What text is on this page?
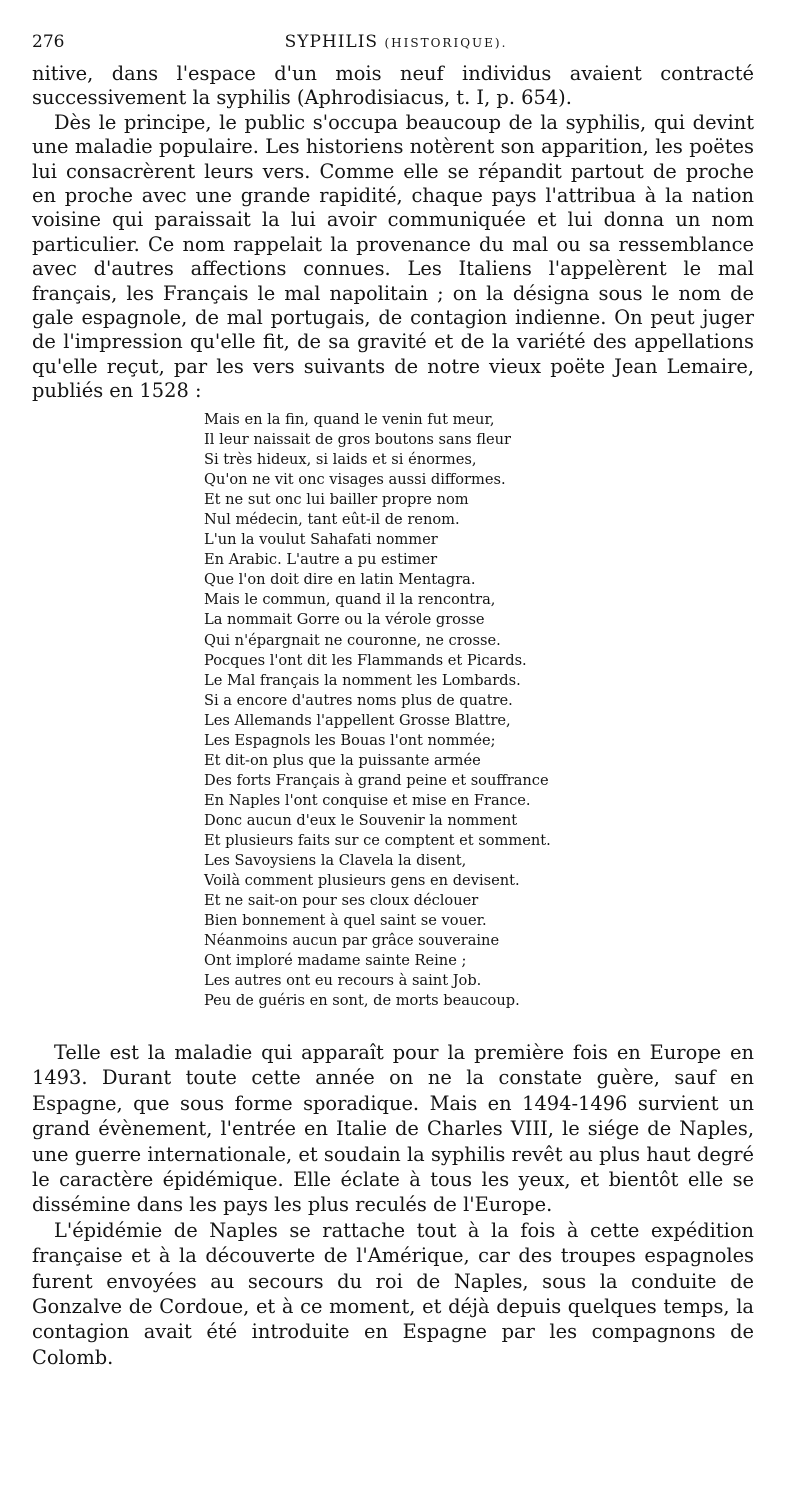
276	SYPHILIS (HISTORIQUE).

nitive, dans l'espace d'un mois neuf individus avaient contracté successivement la syphilis (Aphrodisiacus, t. I, p. 654).

Dès le principe, le public s'occupa beaucoup de la syphilis, qui devint une maladie populaire. Les historiens notèrent son apparition, les poëtes lui consacrèrent leurs vers. Comme elle se répandit partout de proche en proche avec une grande rapidité, chaque pays l'attribua à la nation voisine qui paraissait la lui avoir communiquée et lui donna un nom particulier. Ce nom rappelait la provenance du mal ou sa ressemblance avec d'autres affections connues. Les Italiens l'appelèrent le mal français, les Français le mal napolitain ; on la désigna sous le nom de gale espagnole, de mal portugais, de contagion indienne. On peut juger de l'impression qu'elle fit, de sa gravité et de la variété des appellations qu'elle reçut, par les vers suivants de notre vieux poëte Jean Lemaire, publiés en 1528 :

Mais en la fin, quand le venin fut meur,
Il leur naissait de gros boutons sans fleur
Si très hideux, si laids et si énormes,
Qu'on ne vit onc visages aussi difformes.
Et ne sut onc lui bailler propre nom
Nul médecin, tant eût-il de renom.
L'un la voulut Sahafati nommer
En Arabic. L'autre a pu estimer
Que l'on doit dire en latin Mentagra.
Mais le commun, quand il la rencontra,
La nommait Gorre ou la vérole grosse
Qui n'épargnait ne couronne, ne crosse.
Pocques l'ont dit les Flammands et Picards.
Le Mal français la nomment les Lombards.
Si a encore d'autres noms plus de quatre.
Les Allemands l'appellent Grosse Blattre,
Les Espagnols les Bouas l'ont nommée;
Et dit-on plus que la puissante armée
Des forts Français à grand peine et souffrance
En Naples l'ont conquise et mise en France.
Donc aucun d'eux le Souvenir la nomment
Et plusieurs faits sur ce comptent et somment.
Les Savoysiens la Clavela la disent,
Voilà comment plusieurs gens en devisent.
Et ne sait-on pour ses cloux déclouer
Bien bonnement à quel saint se vouer.
Néanmoins aucun par grâce souveraine
Ont imploré madame sainte Reine ;
Les autres ont eu recours à saint Job.
Peu de guéris en sont, de morts beaucoup.

Telle est la maladie qui apparaît pour la première fois en Europe en 1493. Durant toute cette année on ne la constate guère, sauf en Espagne, que sous forme sporadique. Mais en 1494-1496 survient un grand évènement, l'entrée en Italie de Charles VIII, le siége de Naples, une guerre internationale, et soudain la syphilis revêt au plus haut degré le caractère épidémique. Elle éclate à tous les yeux, et bientôt elle se dissémine dans les pays les plus reculés de l'Europe.

L'épidémie de Naples se rattache tout à la fois à cette expédition française et à la découverte de l'Amérique, car des troupes espagnoles furent envoyées au secours du roi de Naples, sous la conduite de Gonzalve de Cordoue, et à ce moment, et déjà depuis quelques temps, la contagion avait été introduite en Espagne par les compagnons de Colomb.
